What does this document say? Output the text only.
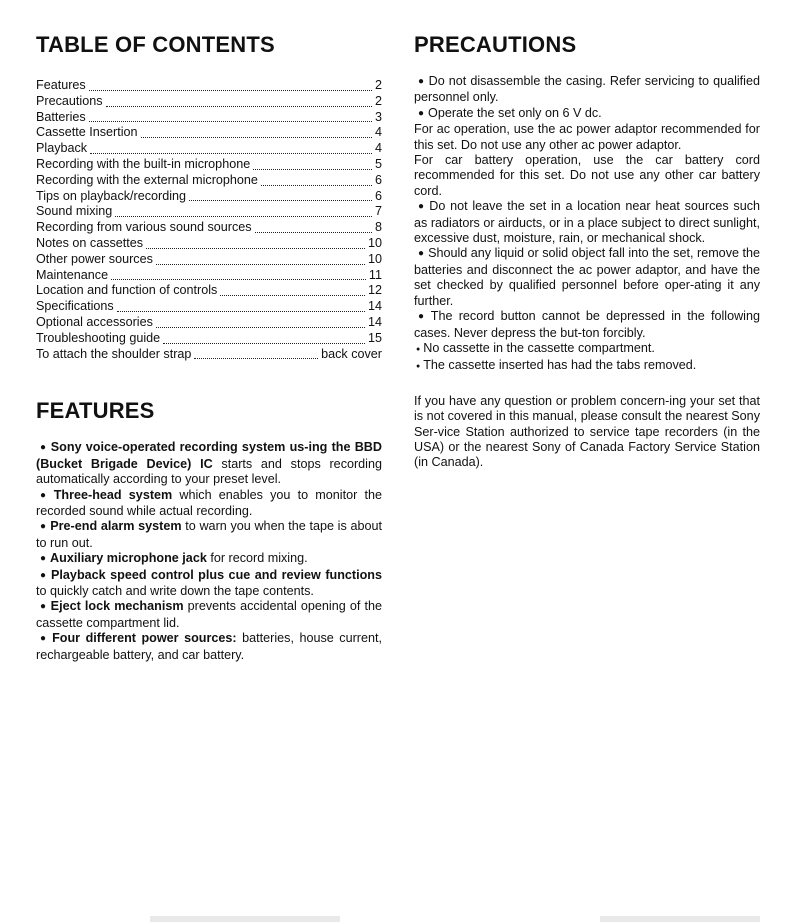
TABLE OF CONTENTS
Features	2
Precautions	2
Batteries	3
Cassette Insertion	4
Playback	4
Recording with the built-in microphone	5
Recording with the external microphone	6
Tips on playback/recording	6
Sound mixing	7
Recording from various sound sources	8
Notes on cassettes	10
Other power sources	10
Maintenance	11
Location and function of controls	12
Specifications	14
Optional accessories	14
Troubleshooting guide	15
To attach the shoulder strap	back cover
FEATURES

● Sony voice-operated recording system us-ing the BBD (Bucket Brigade Device) IC starts and stops recording automatically according to your preset level.

● Three-head system which enables you to monitor the recorded sound while actual recording.

● Pre-end alarm system to warn you when the tape is about to run out.

● Auxiliary microphone jack for record mixing.

● Playback speed control plus cue and review functions to quickly catch and write down the tape contents.

● Eject lock mechanism prevents accidental opening of the cassette compartment lid.

● Four different power sources: batteries, house current, rechargeable battery, and car battery.

PRECAUTIONS

● Do not disassemble the casing. Refer servicing to qualified personnel only.

● Operate the set only on 6 V dc.

For ac operation, use the ac power adaptor recommended for this set. Do not use any other ac power adaptor.

For car battery operation, use the car battery cord recommended for this set. Do not use any other car battery cord.

● Do not leave the set in a location near heat sources such as radiators or airducts, or in a place subject to direct sunlight, excessive dust, moisture, rain, or mechanical shock.

● Should any liquid or solid object fall into the set, remove the batteries and disconnect the ac power adaptor, and have the set checked by qualified personnel before oper-ating it any further.

● The record button cannot be depressed in the following cases. Never depress the but-ton forcibly.

● No cassette in the cassette compartment.

● The cassette inserted has had the tabs removed.

If you have any question or problem concern-ing your set that is not covered in this manual, please consult the nearest Sony Ser-vice Station authorized to service tape recorders (in the USA) or the nearest Sony of Canada Factory Service Station (in Canada).
